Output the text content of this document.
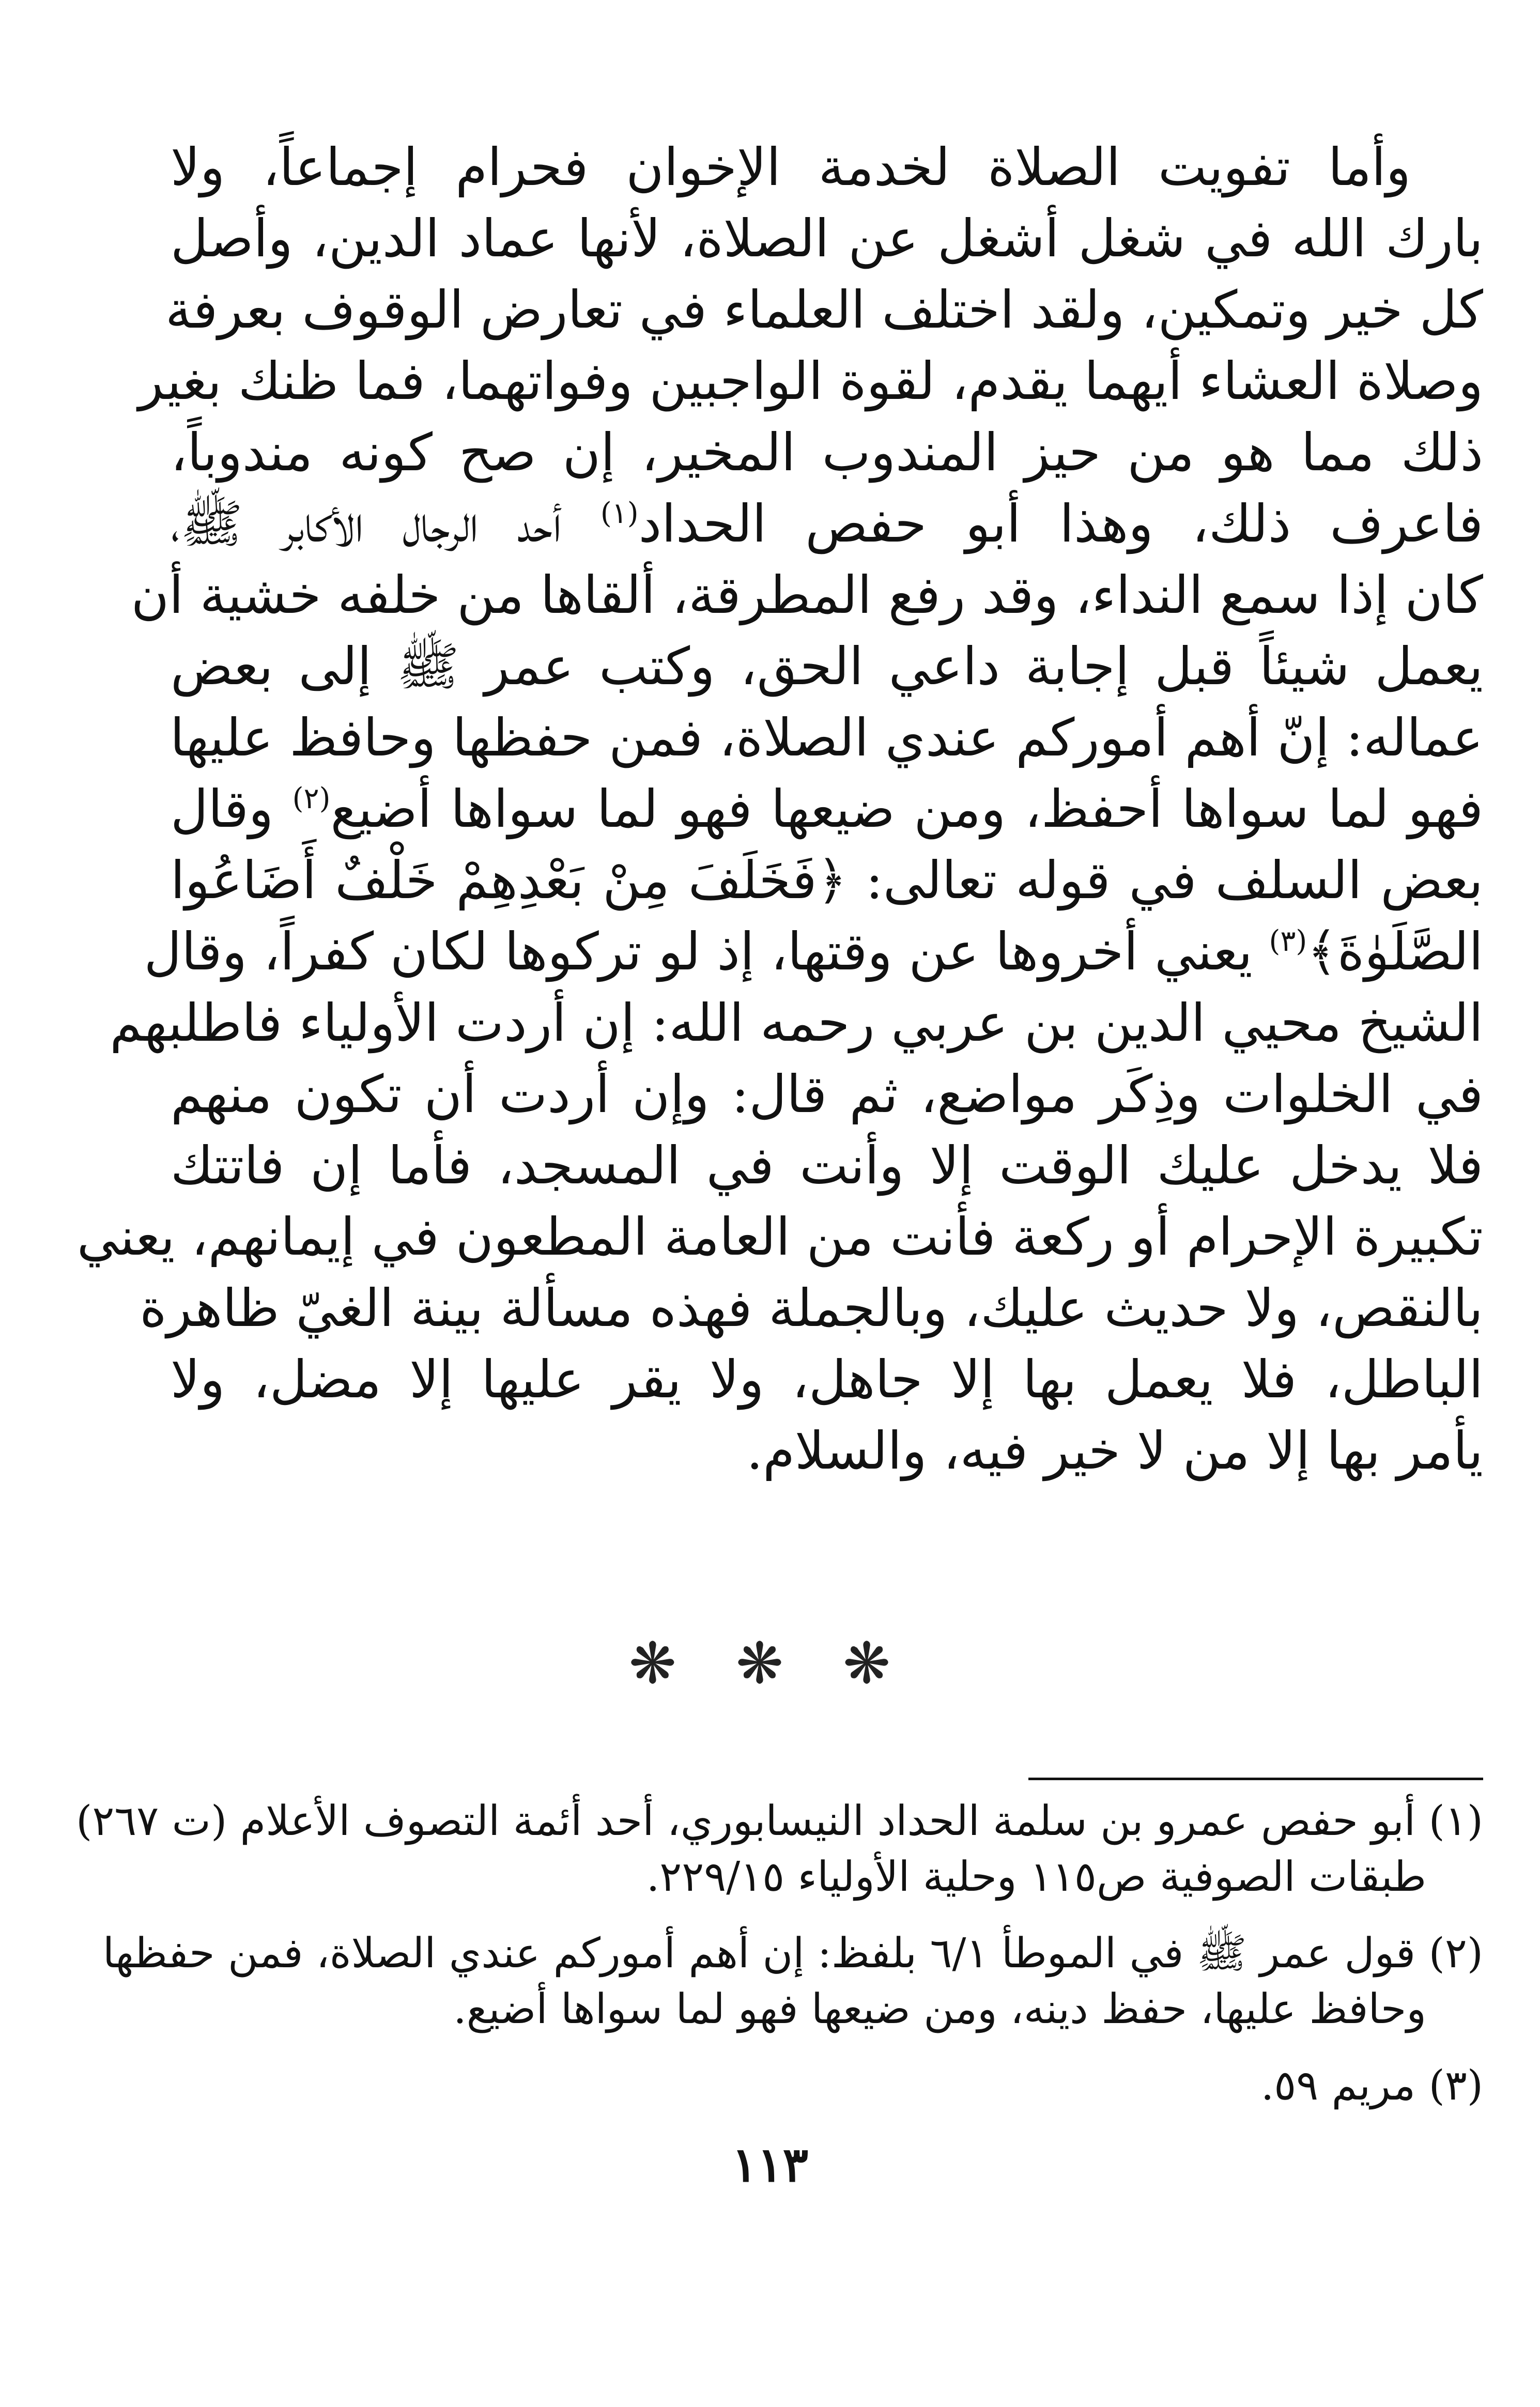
وأما تفويت الصلاة لخدمة الإخوان فحرام إجماعاً، ولا
بارك الله في شغل أشغل عن الصلاة، لأنها عماد الدين، وأصل
كل خير وتمكين، ولقد اختلف العلماء في تعارض الوقوف بعرفة
وصلاة العشاء أيهما يقدم، لقوة الواجبين وفواتهما، فما ظنك بغير
ذلك مما هو من حيز المندوب المخير، إن صح كونه مندوباً،
فاعرف ذلك، وهذا أبو حفص الحداد$^{(١)}$ أحد الرجال الأكابر ﷺ،
كان إذا سمع النداء، وقد رفع المطرقة، ألقاها من خلفه خشية أن
يعمل شيئاً قبل إجابة داعي الحق، وكتب عمر ﷺ إلى بعض
عماله: إنّ أهم أموركم عندي الصلاة، فمن حفظها وحافظ عليها
فهو لما سواها أحفظ، ومن ضيعها فهو لما سواها أضيع$^{(٢)}$ وقال
بعض السلف في قوله تعالى: ﴿فَخَلَفَ مِنْ بَعْدِهِمْ خَلْفٌ أَضَاعُوا
الصَّلَوٰةَ﴾$^{(٣)}$ يعني أخروها عن وقتها، إذ لو تركوها لكان كفراً، وقال
الشيخ محيي الدين بن عربي رحمه الله: إن أردت الأولياء فاطلبهم
في الخلوات وذِكَر مواضع، ثم قال: وإن أردت أن تكون منهم
فلا يدخل عليك الوقت إلا وأنت في المسجد، فأما إن فاتتك
تكبيرة الإحرام أو ركعة فأنت من العامة المطعون في إيمانهم، يعني
بالنقص، ولا حديث عليك، وبالجملة فهذه مسألة بينة الغيّ ظاهرة
الباطل، فلا يعمل بها إلا جاهل، ولا يقر عليها إلا مضل، ولا
يأمر بها إلا من لا خير فيه، والسلام.
❋ ❋ ❋
(١) أبو حفص عمرو بن سلمة الحداد النيسابوري، أحد أئمة التصوف الأعلام (ت ٢٦٧)
طبقات الصوفية ص١١٥ وحلية الأولياء ٢٢٩/١٥.
(٢) قول عمر ﷺ في الموطأ ٦/١ بلفظ: إن أهم أموركم عندي الصلاة، فمن حفظها
وحافظ عليها، حفظ دينه، ومن ضيعها فهو لما سواها أضيع.
(٣) مريم ٥٩.
١١٣
